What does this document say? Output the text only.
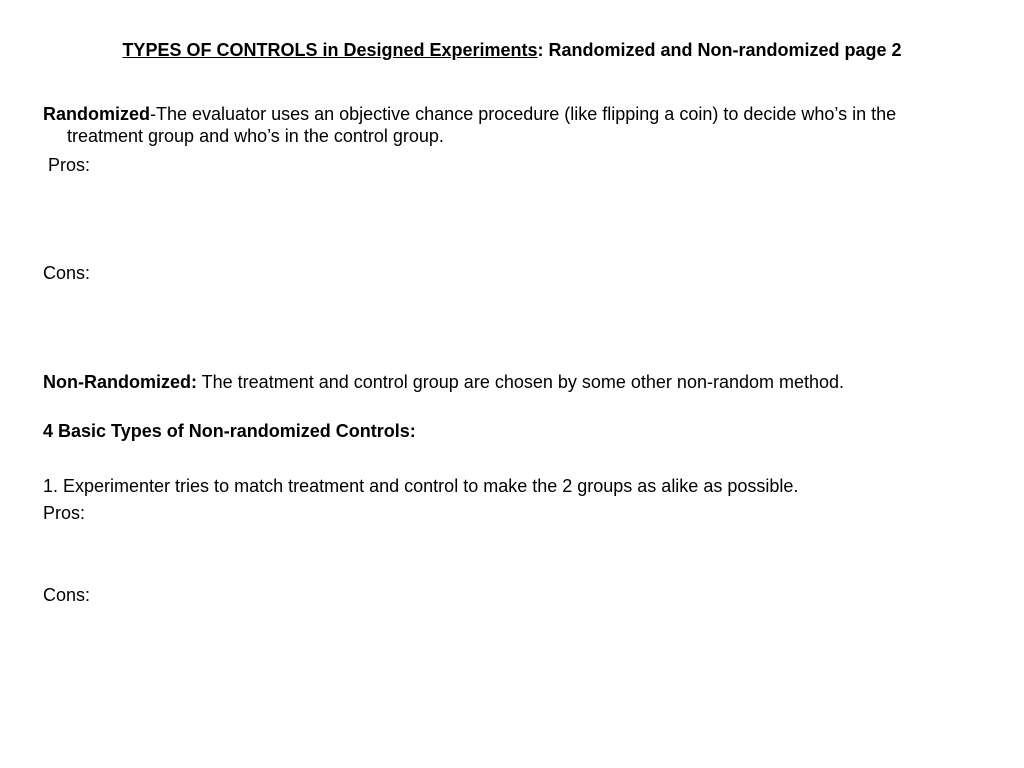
TYPES OF CONTROLS in Designed Experiments: Randomized and Non-randomized page 2
Randomized-The evaluator uses an objective chance procedure (like flipping a coin) to decide who’s in the treatment group and who’s in the control group.
Pros:
Cons:
Non-Randomized: The treatment and control group are chosen by some other non-random method.
4 Basic Types of Non-randomized Controls:
1. Experimenter tries to match treatment and control to make the 2 groups as alike as possible.
Pros:
Cons:
